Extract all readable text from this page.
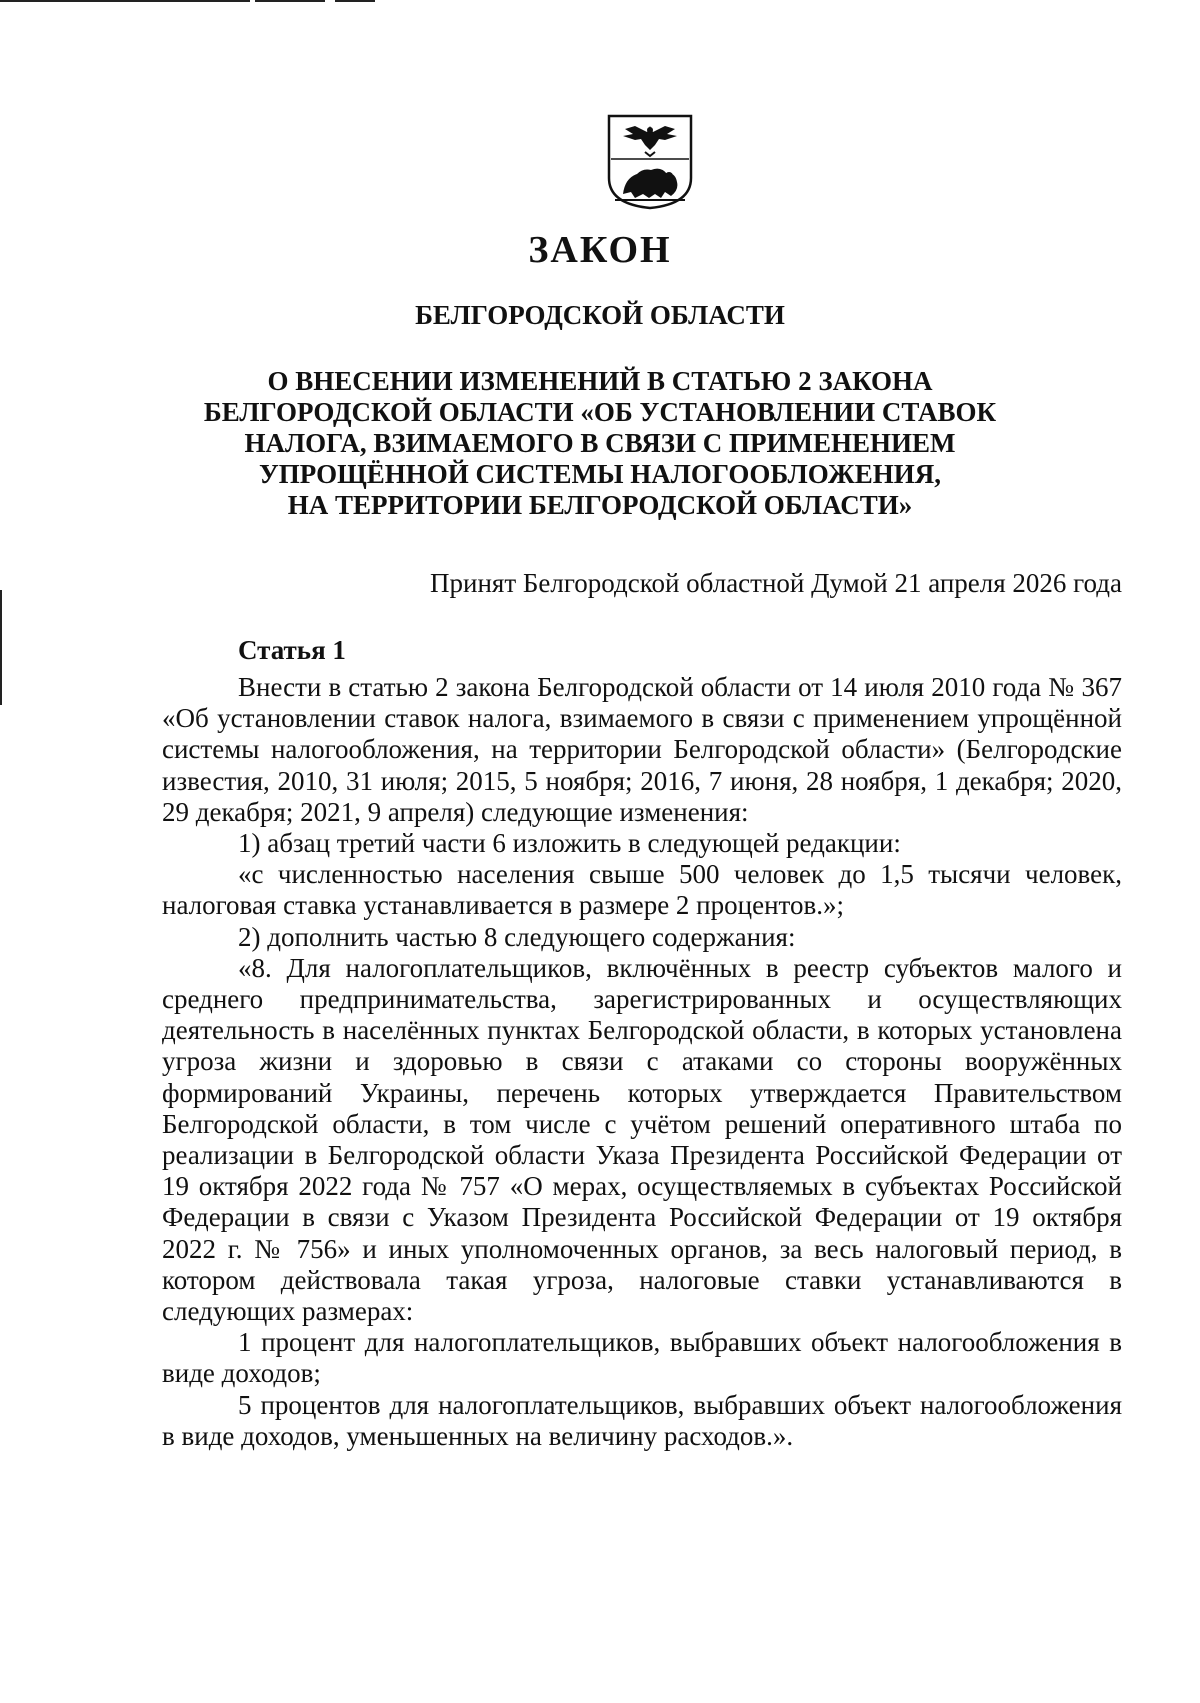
ЗАКОН
БЕЛГОРОДСКОЙ ОБЛАСТИ
О ВНЕСЕНИИ ИЗМЕНЕНИЙ В СТАТЬЮ 2 ЗАКОНА
БЕЛГОРОДСКОЙ ОБЛАСТИ «ОБ УСТАНОВЛЕНИИ СТАВОК
НАЛОГА, ВЗИМАЕМОГО В СВЯЗИ С ПРИМЕНЕНИЕМ
УПРОЩЁННОЙ СИСТЕМЫ НАЛОГООБЛОЖЕНИЯ,
НА ТЕРРИТОРИИ БЕЛГОРОДСКОЙ ОБЛАСТИ»
Принят Белгородской областной Думой 21 апреля 2026 года
Статья 1
Внести в статью 2 закона Белгородской области от 14 июля 2010 года № 367 «Об установлении ставок налога, взимаемого в связи с применением упрощённой системы налогообложения, на территории Белгородской области» (Белгородские известия, 2010, 31 июля; 2015, 5 ноября; 2016, 7 июня, 28 ноября, 1 декабря; 2020, 29 декабря; 2021, 9 апреля) следующие изменения:
1) абзац третий части 6 изложить в следующей редакции:
«с численностью населения свыше 500 человек до 1,5 тысячи человек, налоговая ставка устанавливается в размере 2 процентов.»;
2) дополнить частью 8 следующего содержания:
«8. Для налогоплательщиков, включённых в реестр субъектов малого и среднего предпринимательства, зарегистрированных и осуществляющих деятельность в населённых пунктах Белгородской области, в которых установлена угроза жизни и здоровью в связи с атаками со стороны вооружённых формирований Украины, перечень которых утверждается Правительством Белгородской области, в том числе с учётом решений оперативного штаба по реализации в Белгородской области Указа Президента Российской Федерации от 19 октября 2022 года № 757 «О мерах, осуществляемых в субъектах Российской Федерации в связи с Указом Президента Российской Федерации от 19 октября 2022 г. № 756» и иных уполномоченных органов, за весь налоговый период, в котором действовала такая угроза, налоговые ставки устанавливаются в следующих размерах:
1 процент для налогоплательщиков, выбравших объект налогообложения в виде доходов;
5 процентов для налогоплательщиков, выбравших объект налогообложения в виде доходов, уменьшенных на величину расходов.».
